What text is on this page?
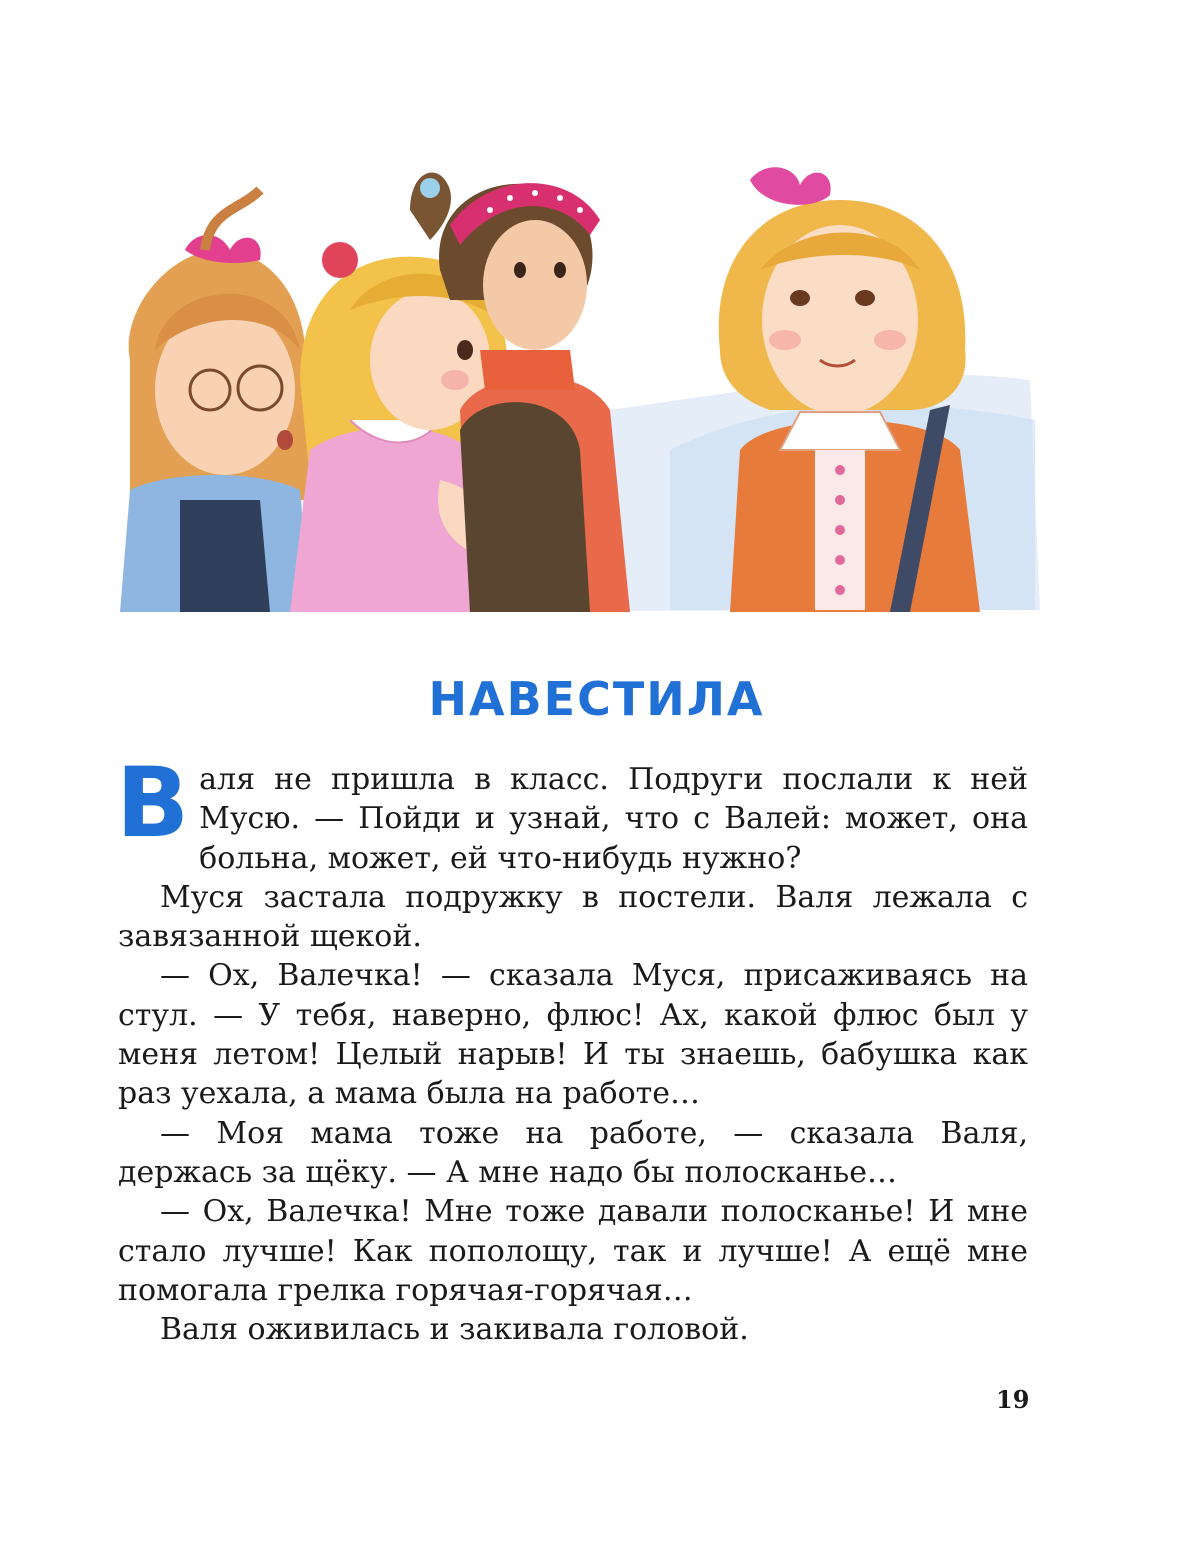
НАВЕСТИЛА

Валя не пришла в класс. Подруги послали к ней Мусю. — Пойди и узнай, что с Валей: может, она больна, может, ей что-нибудь нужно?

Муся застала подружку в постели. Валя лежала с завязанной щекой.

— Ох, Валечка! — сказала Муся, присаживаясь на стул. — У тебя, наверно, флюс! Ах, какой флюс был у меня летом! Целый нарыв! И ты знаешь, бабушка как раз уехала, а мама была на работе…

— Моя мама тоже на работе, — сказала Валя, держась за щёку. — А мне надо бы полосканье…

— Ох, Валечка! Мне тоже давали полосканье! И мне стало лучше! Как пополощу, так и лучше! А ещё мне помогала грелка горячая-горячая…

Валя оживилась и закивала головой.

19
